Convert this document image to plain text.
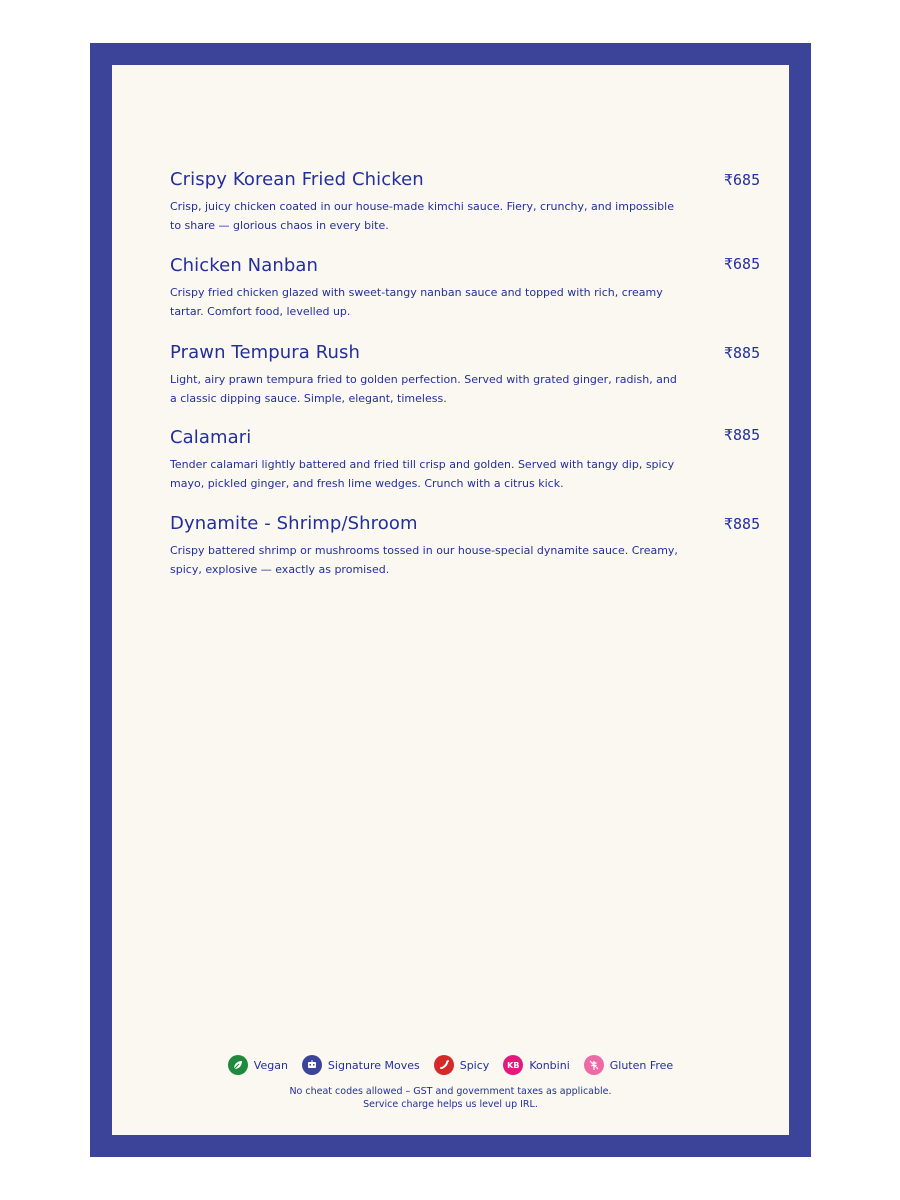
Crispy Korean Fried Chicken	₹685
Crisp, juicy chicken coated in our house-made kimchi sauce. Fiery, crunchy, and impossible to share — glorious chaos in every bite.
Chicken Nanban	₹685
Crispy fried chicken glazed with sweet-tangy nanban sauce and topped with rich, creamy tartar. Comfort food, levelled up.
Prawn Tempura Rush	₹885
Light, airy prawn tempura fried to golden perfection. Served with grated ginger, radish, and a classic dipping sauce. Simple, elegant, timeless.
Calamari	₹885
Tender calamari lightly battered and fried till crisp and golden. Served with tangy dip, spicy mayo, pickled ginger, and fresh lime wedges. Crunch with a citrus kick.
Dynamite - Shrimp/Shroom	₹885
Crispy battered shrimp or mushrooms tossed in our house-special dynamite sauce. Creamy, spicy, explosive — exactly as promised.
Vegan	Signature Moves	Spicy	KB Konbini	Gluten Free
No cheat codes allowed – GST and government taxes as applicable.
Service charge helps us level up IRL.
